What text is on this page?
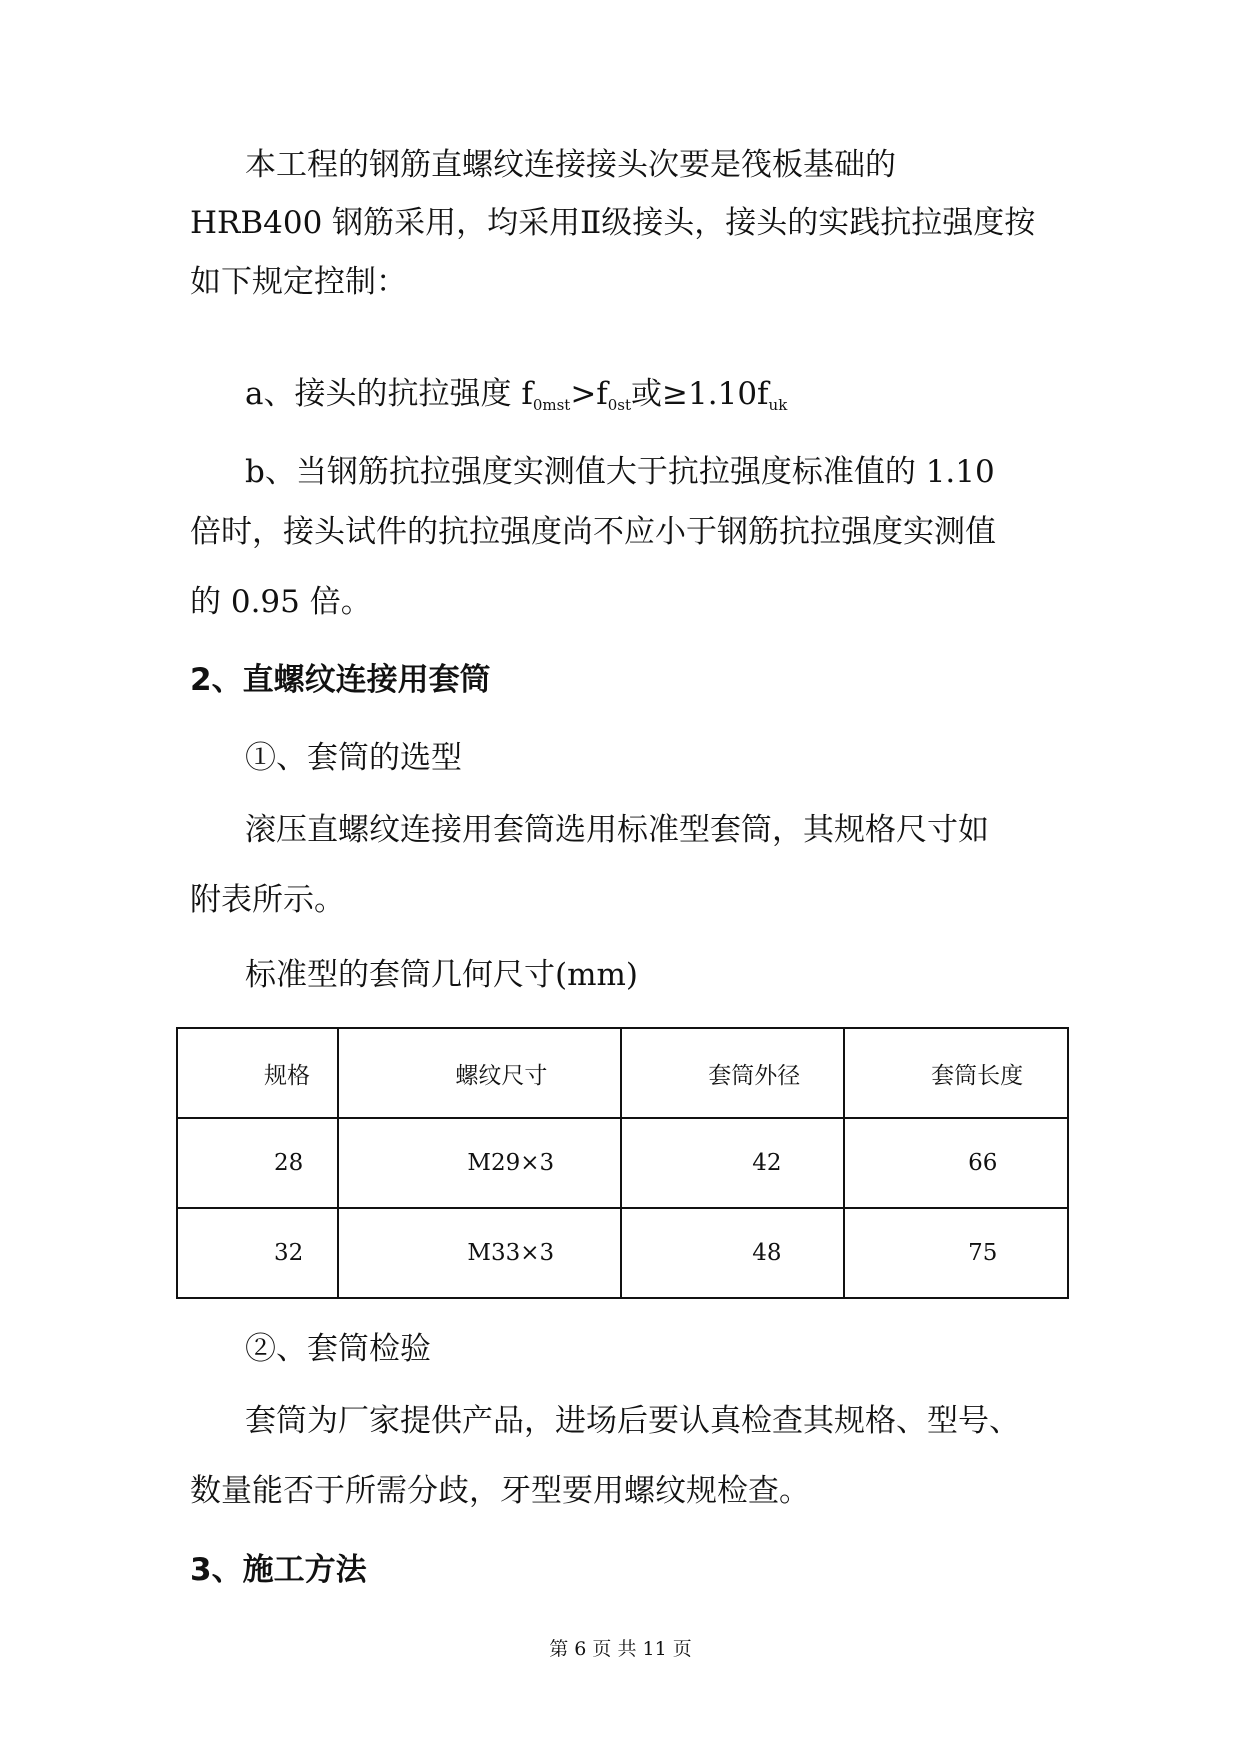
本工程的钢筋直螺纹连接接头次要是筏板基础的
HRB400 钢筋采用，均采用Ⅱ级接头，接头的实践抗拉强度按
如下规定控制：
a、接头的抗拉强度 $f_{0mst}>f_{0st}$或$\ge 1.10f_{uk}$
b、当钢筋抗拉强度实测值大于抗拉强度标准值的 1.10
倍时，接头试件的抗拉强度尚不应小于钢筋抗拉强度实测值
的 0.95 倍。
2、直螺纹连接用套筒
①、套筒的选型
滚压直螺纹连接用套筒选用标准型套筒，其规格尺寸如
附表所示。
标准型的套筒几何尺寸(mm)
规格	螺纹尺寸	套筒外径	套筒长度

28	M29×3	42	66

32	M33×3	48	75
②、套筒检验
套筒为厂家提供产品，进场后要认真检查其规格、型号、
数量能否于所需分歧，牙型要用螺纹规检查。
3、施工方法
第 6 页 共 11 页
